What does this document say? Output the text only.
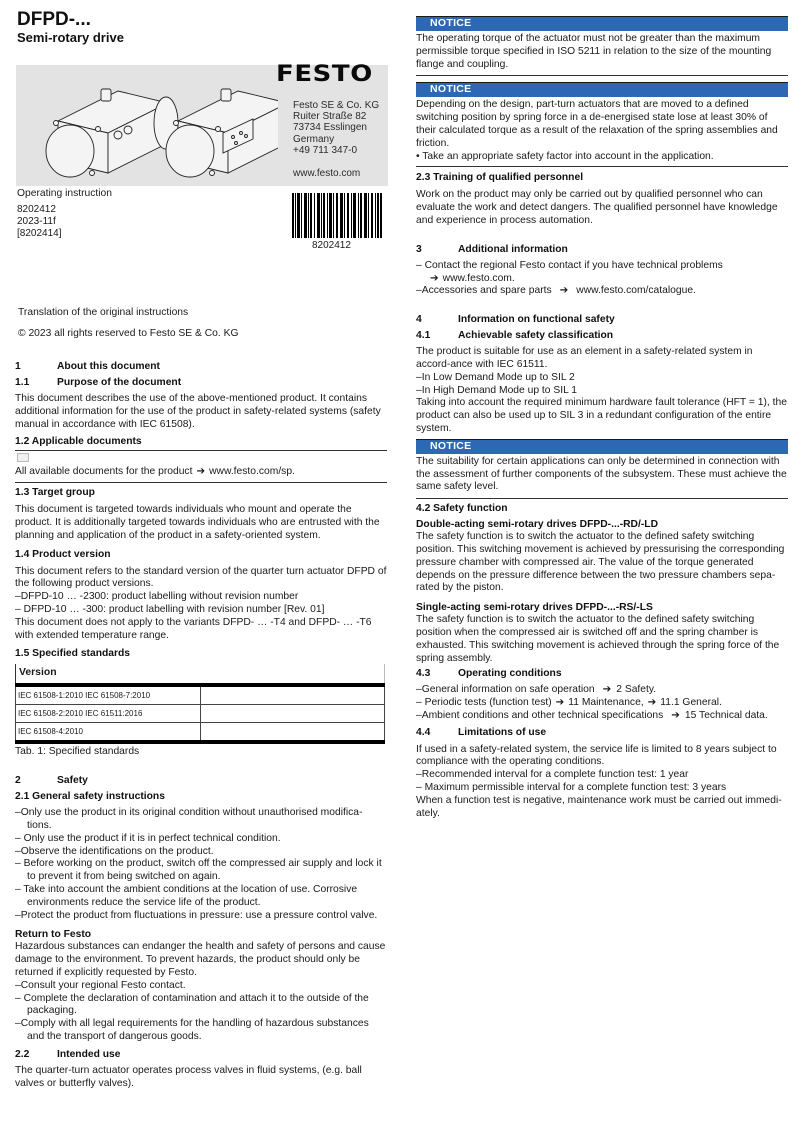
DFPD-...
Semi-rotary drive
FESTO
Festo SE & Co. KG
Ruiter Straße 82
73734 Esslingen
Germany
+49 711 347-0
www.festo.com
Operating instruction
8202412
2023-11f
[8202414]
8202412
Translation of the original instructions
© 2023 all rights reserved to Festo SE & Co. KG
1	About this document
1.1	Purpose of the document
This document describes the use of the above-mentioned product. It contains additional information for the use of the product in safety-related systems (safety manual in accordance with IEC 61508).
1.2 Applicable documents
All available documents for the product ➔ www.festo.com/sp.
1.3 Target group
This document is targeted towards individuals who mount and operate the product. It is additionally targeted towards individuals who are entrusted with the planning and application of the product in a safety-oriented system.
1.4 Product version
This document refers to the standard version of the quarter turn actuator DFPD of the following product versions.
–DFPD-10 … -2300: product labelling without revision number
– DFPD-10 … -300: product labelling with revision number [Rev. 01]
This document does not apply to the variants DFPD- … -T4 and DFPD- … -T6 with extended temperature range.
1.5 Specified standards
Version	
IEC 61508-1:2010 IEC 61508-7:2010	
IEC 61508-2:2010 IEC 61511:2016	
IEC 61508-4:2010	
Tab. 1: Specified standards
2	Safety
2.1 General safety instructions
–Only use the product in its original condition without unauthorised modifica-tions.
– Only use the product if it is in perfect technical condition.
–Observe the identifications on the product.
– Before working on the product, switch off the compressed air supply and lock it to prevent it from being switched on again.
– Take into account the ambient conditions at the location of use. Corrosive environments reduce the service life of the product.
–Protect the product from fluctuations in pressure: use a pressure control valve.
Return to Festo
Hazardous substances can endanger the health and safety of persons and cause damage to the environment. To prevent hazards, the product should only be returned if explicitly requested by Festo.
–Consult your regional Festo contact.
– Complete the declaration of contamination and attach it to the outside of the packaging.
–Comply with all legal requirements for the handling of hazardous substances and the transport of dangerous goods.
2.2	Intended use
The quarter-turn actuator operates process valves in fluid systems, (e.g. ball valves or butterfly valves).
NOTICE
The operating torque of the actuator must not be greater than the maximum permissible torque specified in ISO 5211 in relation to the size of the mounting flange and coupling.
NOTICE
Depending on the design, part-turn actuators that are moved to a defined switching position by spring force in a de-energised state lose at least 30% of their calculated torque as a result of the relaxation of the spring assemblies and friction.
• Take an appropriate safety factor into account in the application.
2.3 Training of qualified personnel
Work on the product may only be carried out by qualified personnel who can evaluate the work and detect dangers. The qualified personnel have knowledge and experience in process automation.
3	Additional information
– Contact the regional Festo contact if you have technical problems
➔ www.festo.com.
–Accessories and spare parts ➔ www.festo.com/catalogue.
4	Information on functional safety
4.1	Achievable safety classification
The product is suitable for use as an element in a safety-related system in accord-ance with IEC 61511.
–In Low Demand Mode up to SIL 2
–In High Demand Mode up to SIL 1
Taking into account the required minimum hardware fault tolerance (HFT = 1), the product can also be used up to SIL 3 in a redundant configuration of the entire system.
NOTICE
The suitability for certain applications can only be determined in connection with the assessment of further components of the subsystem. These must achieve the same safety level.
4.2 Safety function
Double-acting semi-rotary drives DFPD-...-RD/-LD
The safety function is to switch the actuator to the defined safety switching position. This switching movement is achieved by pressurising the corresponding pressure chamber with compressed air. The value of the torque generated depends on the pressure difference between the two pressure chambers sepa-rated by the piston.
Single-acting semi-rotary drives DFPD-...-RS/-LS
The safety function is to switch the actuator to the defined safety switching position when the compressed air is switched off and the spring chamber is exhausted. This switching movement is achieved through the spring force of the spring assembly.
4.3	Operating conditions
–General information on safe operation ➔ 2 Safety.
– Periodic tests (function test) ➔ 11 Maintenance, ➔ 11.1 General.
–Ambient conditions and other technical specifications ➔ 15 Technical data.
4.4	Limitations of use
If used in a safety-related system, the service life is limited to 8 years subject to compliance with the operating conditions.
–Recommended interval for a complete function test: 1 year
– Maximum permissible interval for a complete function test: 3 years
When a function test is negative, maintenance work must be carried out immedi-ately.
